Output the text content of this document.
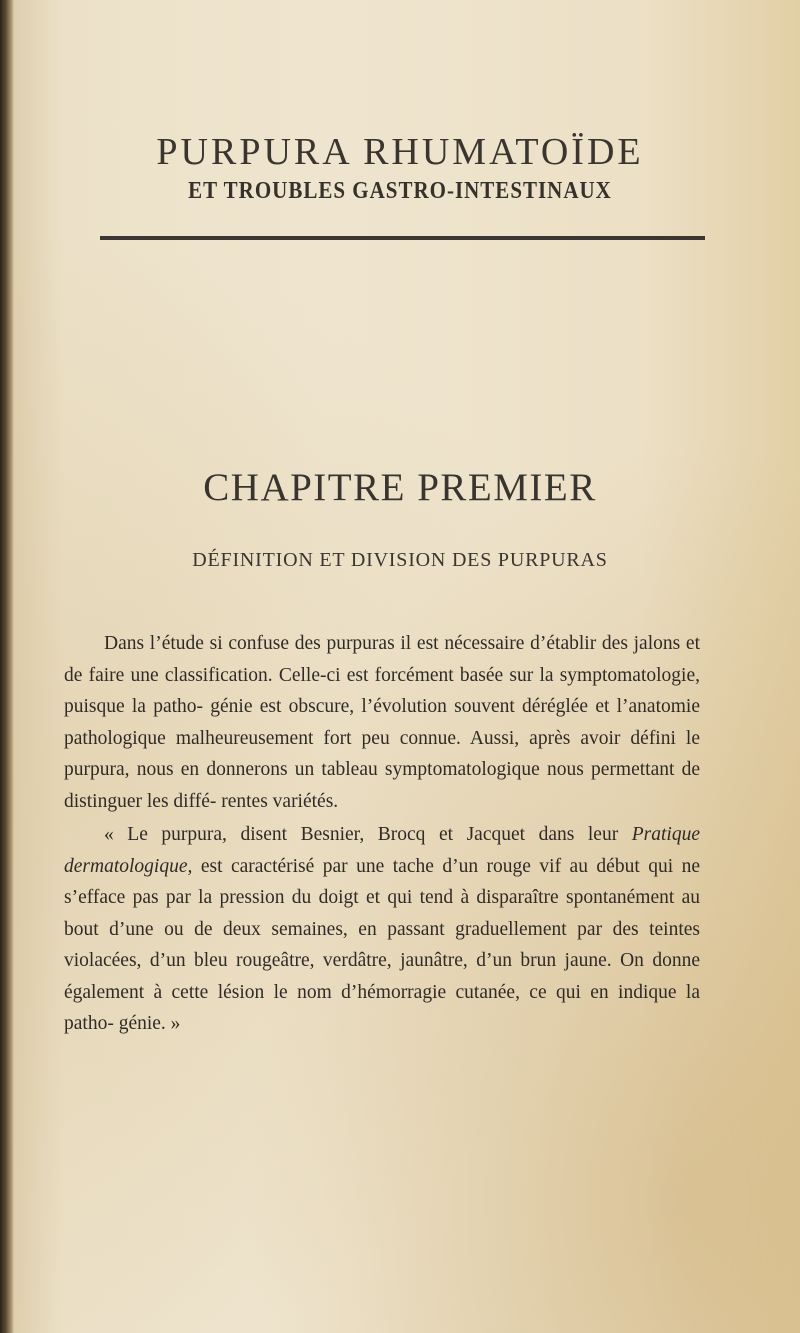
PURPURA RHUMATOÏDE
ET TROUBLES GASTRO-INTESTINAUX
CHAPITRE PREMIER
DÉFINITION ET DIVISION DES PURPURAS

Dans l’étude si confuse des purpuras il est nécessaire d’établir des jalons et de faire une classification. Celle-ci est forcément basée sur la symptomatologie, puisque la patho- génie est obscure, l’évolution souvent déréglée et l’anatomie pathologique malheureusement fort peu connue. Aussi, après avoir défini le purpura, nous en donnerons un tableau symptomatologique nous permettant de distinguer les diffé- rentes variétés.

« Le purpura, disent Besnier, Brocq et Jacquet dans leur Pratique dermatologique, est caractérisé par une tache d’un rouge vif au début qui ne s’efface pas par la pression du doigt et qui tend à disparaître spontanément au bout d’une ou de deux semaines, en passant graduellement par des teintes violacées, d’un bleu rougeâtre, verdâtre, jaunâtre, d’un brun jaune. On donne également à cette lésion le nom d’hémorragie cutanée, ce qui en indique la patho- génie. »
